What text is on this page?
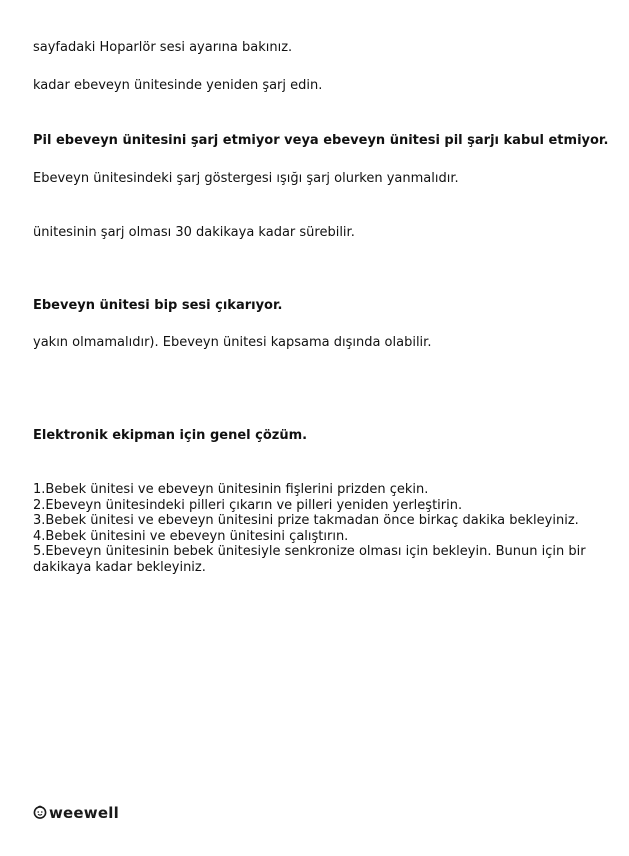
sayfadaki Hoparlör sesi ayarına bakınız.

kadar ebeveyn ünitesinde yeniden şarj edin.

Pil ebeveyn ünitesini şarj etmiyor veya ebeveyn ünitesi pil şarjı kabul etmiyor.

Ebeveyn ünitesindeki şarj göstergesi ışığı şarj olurken yanmalıdır.

ünitesinin şarj olması 30 dakikaya kadar sürebilir.

Ebeveyn ünitesi bip sesi çıkarıyor.

yakın olmamalıdır). Ebeveyn ünitesi kapsama dışında olabilir.

Elektronik ekipman için genel çözüm.

1.Bebek ünitesi ve ebeveyn ünitesinin fişlerini prizden çekin.
2.Ebeveyn ünitesindeki pilleri çıkarın ve pilleri yeniden yerleştirin.
3.Bebek ünitesi ve ebeveyn ünitesini prize takmadan önce birkaç dakika bekleyiniz.
4.Bebek ünitesini ve ebeveyn ünitesini çalıştırın.
5.Ebeveyn ünitesinin bebek ünitesiyle senkronize olması için bekleyin. Bunun için bir
dakikaya kadar bekleyiniz.
weewell
